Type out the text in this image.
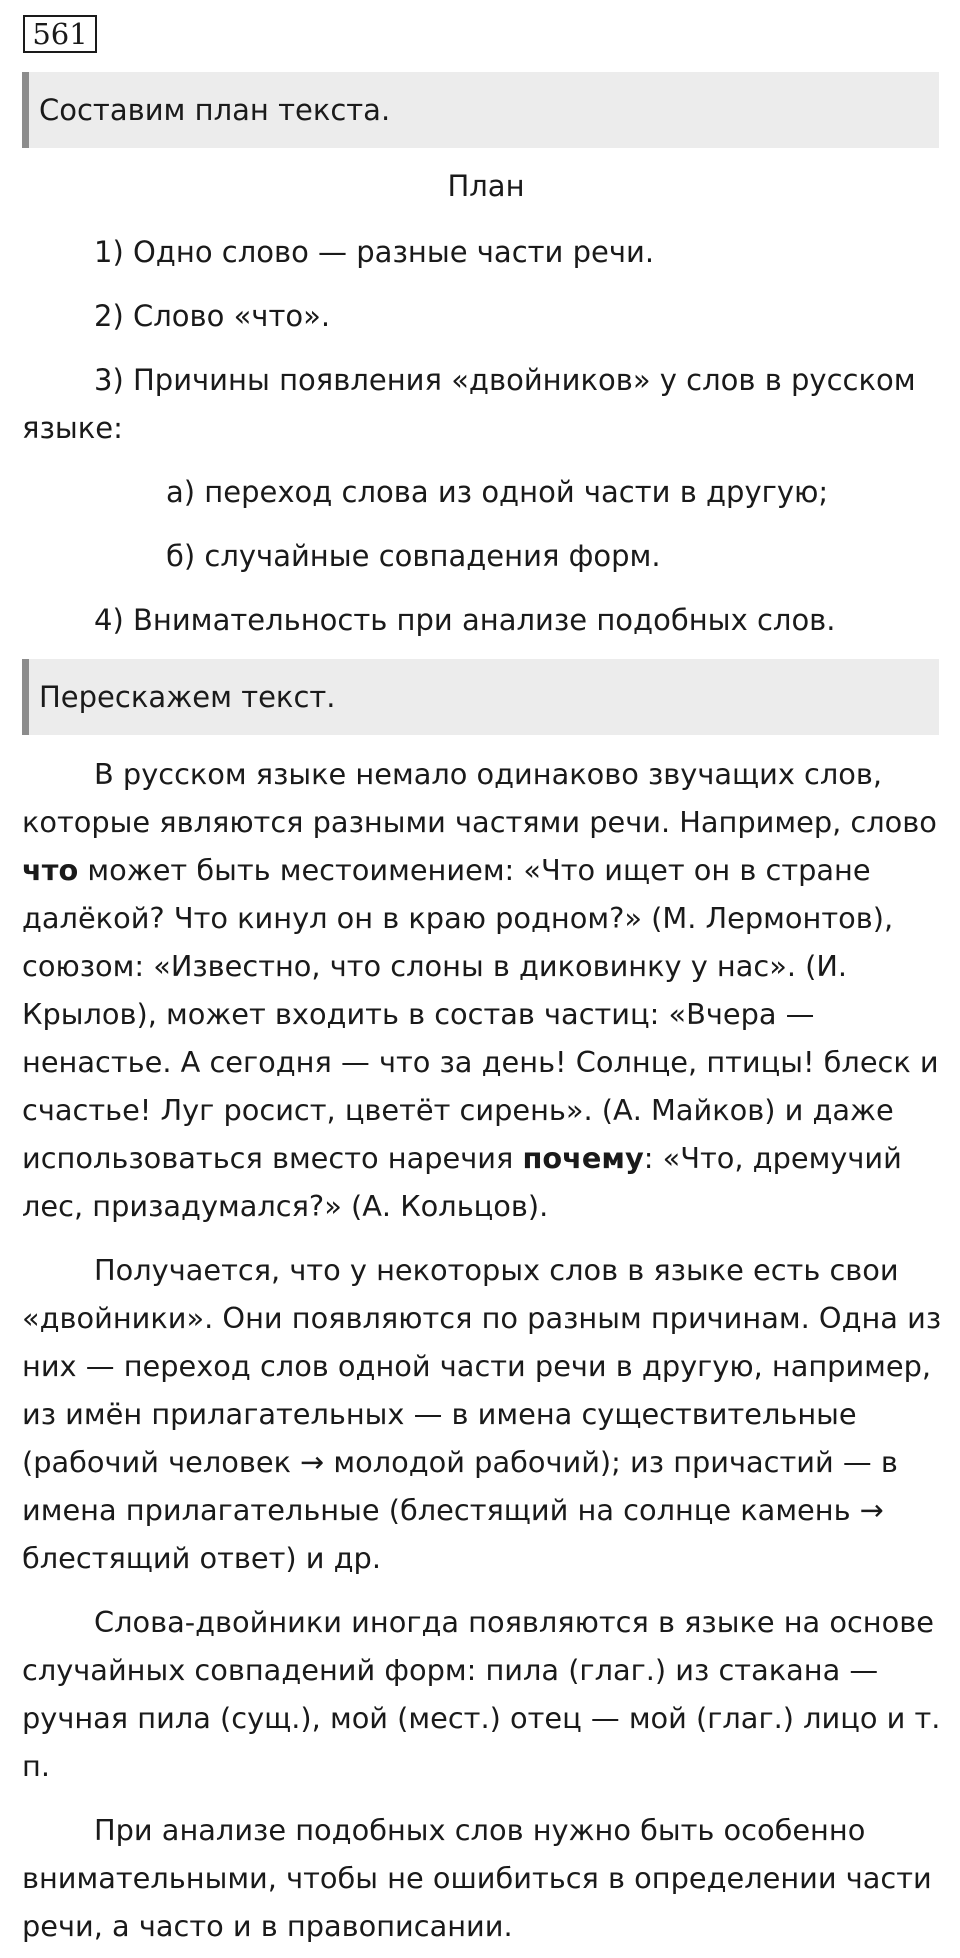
561
Составим план текста.
План
1) Одно слово — разные части речи.
2) Слово «что».
3) Причины появления «двойников» у слов в русском
языке:
а) переход слова из одной части в другую;
б) случайные совпадения форм.
4) Внимательность при анализе подобных слов.
Перескажем текст.
В русском языке немало одинаково звучащих слов,
которые являются разными частями речи. Например, слово
что может быть местоимением: «Что ищет он в стране
далёкой? Что кинул он в краю родном?» (М. Лермонтов),
союзом: «Известно, что слоны в диковинку у нас». (И.
Крылов), может входить в состав частиц: «Вчера —
ненастье. А сегодня — что за день! Солнце, птицы! блеск и
счастье! Луг росист, цветёт сирень». (А. Майков) и даже
использоваться вместо наречия почему: «Что, дремучий
лес, призадумался?» (А. Кольцов).
Получается, что у некоторых слов в языке есть свои
«двойники». Они появляются по разным причинам. Одна из
них — переход слов одной части речи в другую, например,
из имён прилагательных — в имена существительные
(рабочий человек → молодой рабочий); из причастий — в
имена прилагательные (блестящий на солнце камень →
блестящий ответ) и др.
Слова-двойники иногда появляются в языке на основе
случайных совпадений форм: пила (глаг.) из стакана —
ручная пила (сущ.), мой (мест.) отец — мой (глаг.) лицо и т.
п.
При анализе подобных слов нужно быть особенно
внимательными, чтобы не ошибиться в определении части
речи, а часто и в правописании.
